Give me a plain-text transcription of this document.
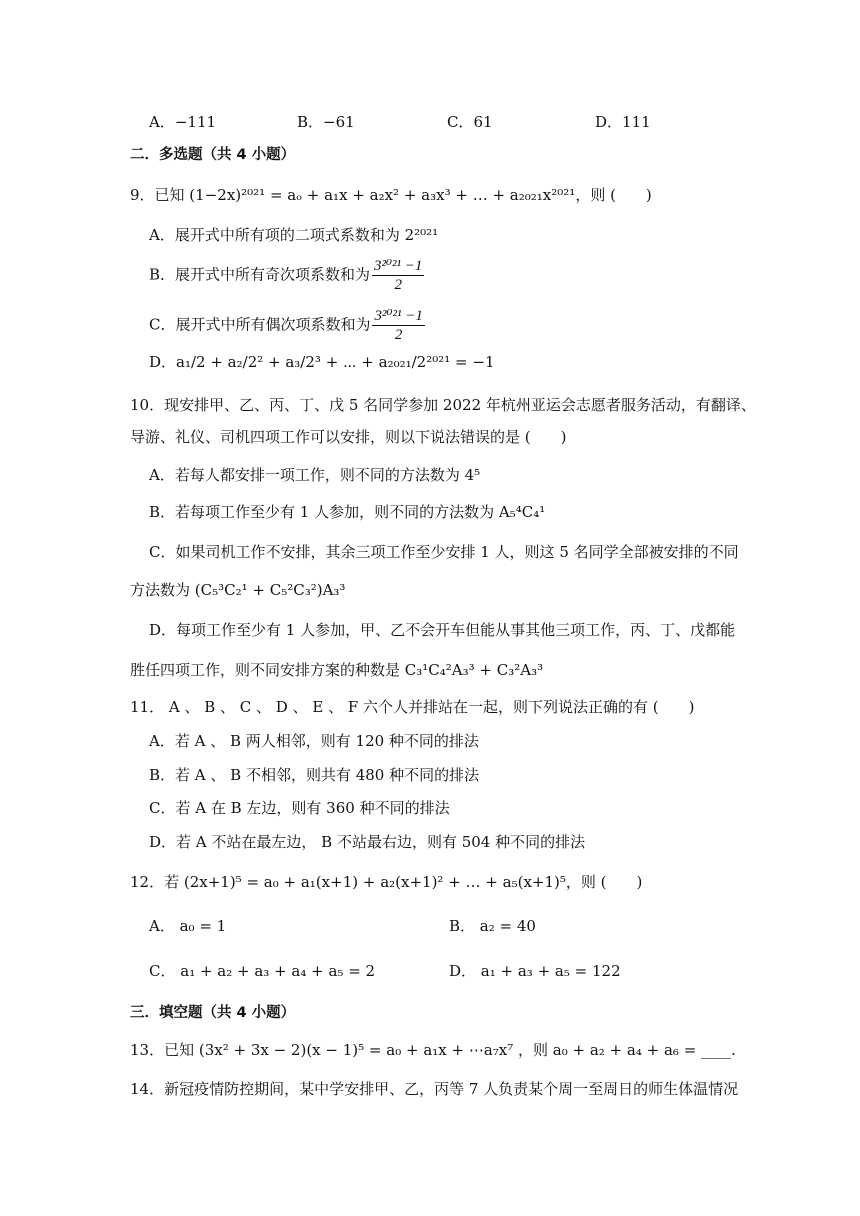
A．−111	B．−61	C．61	D．111
二．多选题（共 4 小题）
9．已知 (1−2x)²⁰²¹ = aₒ + a₁x + a₂x² + a₃x³ + … + a₂₀₂₁x²⁰²¹，则 (　　)
A．展开式中所有项的二项式系数和为 2²⁰²¹
B．展开式中所有奇次项系数和为 $\frac{\text{3²⁰²¹ −1}}{2}$
C．展开式中所有偶次项系数和为 $\frac{\text{3²⁰²¹ −1}}{2}$
D．a₁/2 + a₂/2² + a₃/2³ + ⋯ + a₂₀₂₁/2²⁰²¹ = −1
10．现安排甲、乙、丙、丁、戊 5 名同学参加 2022 年杭州亚运会志愿者服务活动，有翻译、
导游、礼仪、司机四项工作可以安排，则以下说法错误的是 (　　)
A．若每人都安排一项工作，则不同的方法数为 4⁵
B．若每项工作至少有 1 人参加，则不同的方法数为 A₅⁴C₄¹
C．如果司机工作不安排，其余三项工作至少安排 1 人，则这 5 名同学全部被安排的不同
方法数为 (C₅³C₂¹ + C₅²C₃²)A₃³
D．每项工作至少有 1 人参加，甲、乙不会开车但能从事其他三项工作，丙、丁、戊都能
胜任四项工作，则不同安排方案的种数是 C₃¹C₄²A₃³ + C₃²A₃³
11． A 、 B 、 C 、 D 、 E 、 F 六个人并排站在一起，则下列说法正确的有 (　　)
A．若 A 、 B 两人相邻，则有 120 种不同的排法
B．若 A 、 B 不相邻，则共有 480 种不同的排法
C．若 A 在 B 左边，则有 360 种不同的排法
D．若 A 不站在最左边， B 不站最右边，则有 504 种不同的排法
12．若 (2x+1)⁵ = a₀ + a₁(x+1) + a₂(x+1)² + … + a₅(x+1)⁵，则 (　　)
A． a₀ = 1	B． a₂ = 40
C． a₁ + a₂ + a₃ + a₄ + a₅ = 2	D． a₁ + a₃ + a₅ = 122
三．填空题（共 4 小题）
13．已知 (3x² + 3x − 2)(x − 1)⁵ = a₀ + a₁x + ⋯a₇x⁷ ，则 a₀ + a₂ + a₄ + a₆ = ____.
14．新冠疫情防控期间，某中学安排甲、乙，丙等 7 人负责某个周一至周日的师生体温情况
